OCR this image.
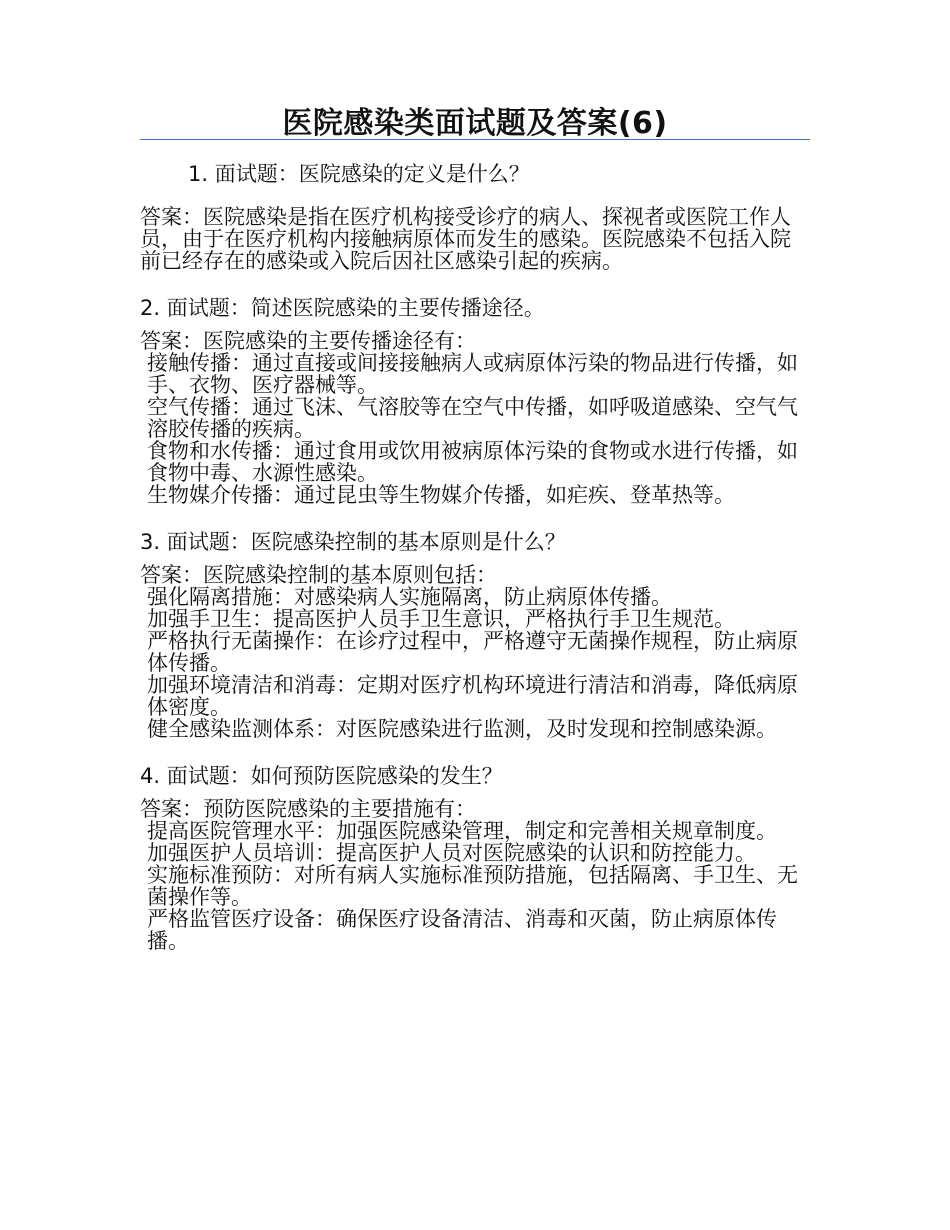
医院感染类面试题及答案(6)

1. 面试题：医院感染的定义是什么？

答案：医院感染是指在医疗机构接受诊疗的病人、探视者或医院工作人员，由于在医疗机构内接触病原体而发生的感染。医院感染不包括入院前已经存在的感染或入院后因社区感染引起的疾病。

2. 面试题：简述医院感染的主要传播途径。

答案：医院感染的主要传播途径有：
接触传播：通过直接或间接接触病人或病原体污染的物品进行传播，如手、衣物、医疗器械等。
空气传播：通过飞沫、气溶胶等在空气中传播，如呼吸道感染、空气气溶胶传播的疾病。
食物和水传播：通过食用或饮用被病原体污染的食物或水进行传播，如食物中毒、水源性感染。
生物媒介传播：通过昆虫等生物媒介传播，如疟疾、登革热等。

3. 面试题：医院感染控制的基本原则是什么？

答案：医院感染控制的基本原则包括：
强化隔离措施：对感染病人实施隔离，防止病原体传播。
加强手卫生：提高医护人员手卫生意识，严格执行手卫生规范。
严格执行无菌操作：在诊疗过程中，严格遵守无菌操作规程，防止病原体传播。
加强环境清洁和消毒：定期对医疗机构环境进行清洁和消毒，降低病原体密度。
健全感染监测体系：对医院感染进行监测，及时发现和控制感染源。

4. 面试题：如何预防医院感染的发生？

答案：预防医院感染的主要措施有：
提高医院管理水平：加强医院感染管理，制定和完善相关规章制度。
加强医护人员培训：提高医护人员对医院感染的认识和防控能力。
实施标准预防：对所有病人实施标准预防措施，包括隔离、手卫生、无菌操作等。
严格监管医疗设备：确保医疗设备清洁、消毒和灭菌，防止病原体传播。
